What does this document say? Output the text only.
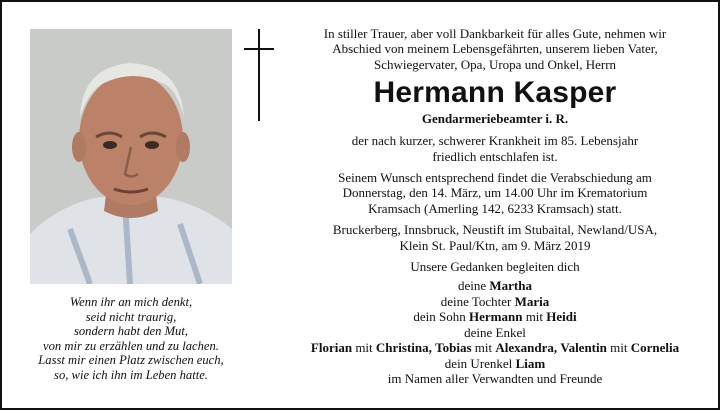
Wenn ihr an mich denkt,
seid nicht traurig,
sondern habt den Mut,
von mir zu erzählen und zu lachen.
Lasst mir einen Platz zwischen euch,
so, wie ich ihn im Leben hatte.
In stiller Trauer, aber voll Dankbarkeit für alles Gute, nehmen wir
Abschied von meinem Lebensgefährten, unserem lieben Vater,
Schwiegervater, Opa, Uropa und Onkel, Herrn
Hermann Kasper
Gendarmeriebeamter i. R.
der nach kurzer, schwerer Krankheit im 85. Lebensjahr
friedlich entschlafen ist.
Seinem Wunsch entsprechend findet die Verabschiedung am
Donnerstag, den 14. März, um 14.00 Uhr im Krematorium
Kramsach (Amerling 142, 6233 Kramsach) statt.
Bruckerberg, Innsbruck, Neustift im Stubaital, Newland/USA,
Klein St. Paul/Ktn, am 9. März 2019
Unsere Gedanken begleiten dich
deine Martha
deine Tochter Maria
dein Sohn Hermann mit Heidi
deine Enkel
Florian mit Christina, Tobias mit Alexandra, Valentin mit Cornelia
dein Urenkel Liam
im Namen aller Verwandten und Freunde
